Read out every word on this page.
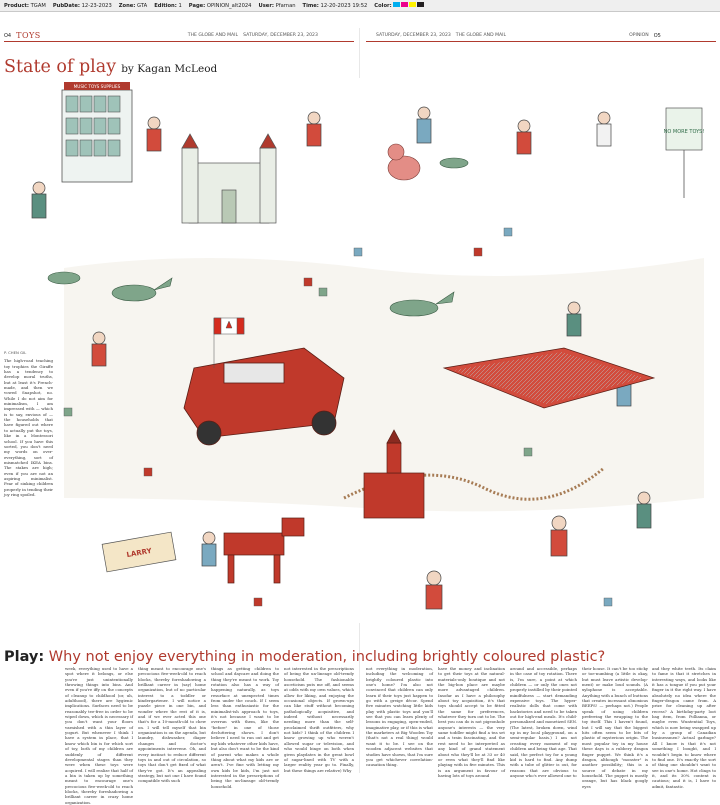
Product: TGAM PubDate: 12-23-2023 Zone: GTA Edition: 1 Page: OPINION_alt2024 User: Pfarnan Time: 12-20-2023 19:52 Color:
O4 TOYS	THE GLOBE AND MAIL SATURDAY, DECEMBER 23, 2023	SATURDAY, DECEMBER 23, 2023 THE GLOBE AND MAIL	OPINION O5
State of play by Kagan McLeod
MUSIC TOYS SUPPLIES
LARRY
NO MORE TOYS!
P. CHEN GIL

The high-road teaching toy trophies the Giraffe has a tendency to develop moral truths, but at least it's French-made, and then we vowed Snapshot, no. While I do not aim for minimalism, I am impressed with — which is to say, envious of — the households that have figured out where to actually put the toys, like in a Montessori school. If you have this sorted, you don't need my words on over-everything, sort of mismatched IKEA bins. The stakes are high; even if you are not an aspiring minimalist. Fear of sinking children properly in tending their joy ring spoiled.

Play: Why not enjoy everything in moderation, including brightly coloured plastic?

week, everything used to have a spot where it belongs, or else you're just unintentionally throwing things into bins. And even if you're iffy on the concepts of cleanup to childhood (or, uh, adulthood), there are hygienic implications. Surfaces need to be reasonably tee-free in order to be wiped down, which is necessary if you don't want your floors varnished with a thin layer of yogurt. But whenever I think I have a system in place, that I know which bin is for which sort of toy, both of my children are suddenly of different developmental stages than they were when these toys were acquired. I will realize that half of a bin is taken up by something meant to encourage one's precocious five-week-old to reach blocks, thereby foreshadowing a brilliant career in crazy home organization.

thing meant to encourage one's precocious five-week-old to reach blocks, thereby foreshadowing a brilliant career in (say) home organization, but of no particular interest to a toddler or kindergartener. I will notice a puzzle piece in one bin, and wonder where the rest of it is, and if we ever acted this one that's for a 10-month-old to chew on. I will tell myself that bin organization is on the agenda, but laundry, dishwasher, diaper changes and doctor's appointments intervene. Oh, and every instinct to reduce different toys in and out of circulation, so toys that don't get fixed of what they've got. It's an appealing strategy, but not one I have found compatible with such

things as getting children to school and daycare and doing the thing they're meant to work. Toy rotation also has a way of happening naturally, as toys resurface at unexpected times from under the couch. If I seem less than enthusiastic for the minimalist-ish approach to toys, it's not because I want to be overrun with them, like the "before" in one of those decluttering shows. I don't believe I need to run out and get my kids whatever other kids have, but also don't want to be the kind of parent who makes a whole thing about what my kids are or aren't. I've fine with letting my own kids be kids, I'm just not interested in the prescriptions of being the un-lineage old-trendy household.

not interested in the prescriptions of being the un-lineage old-trendy household. The fashionable asceticism puts me off, and seems at odds with my own values, which allow for liking, and enjoying the occasional objects. If grown-ups can like stuff without becoming pathologically acquisitive, and indeed without necessarily needing more than the self-proclaimed thrift outfitters, why not kids? I think of the children I know growing up who weren't allowed sugar or television, and who would binge on both when given playdates in the great bowl of sugar-lined with TV with a larger reality year go to. Finally, but these things are relative) Why

not everything in moderation, including the welcoming of brightly coloured plastic into one's home? I'm also not convinced that children can only learn if their toys just happen to go with a greige décor. Spend five minutes watching little kids play with plastic toys and you'll see that you can learn plenty of lessons in engaging, open-ended, imaginative play, or if this is what the marketers at Big Wooden Toy (that's not a real thing) would want it to be. I see on the wooden adjacent websites that studies have shown, that I'm sure you get whichever correlation-causation thing.

have the money and inclination to get their toys at the natural-materials-only boutique and not the big-box place are maybe more advantaged children. Insofar as I have a philosophy about toy acquisition, it's that toys should accept to be fitted the same for preferences, whatever they turn out to be. The best you can do is not pigeonhole anyone's interests — the very same toddler might find a tea set and a train fascinating, and the rest need to be interpreted as any kind of grand statement about who they'll be at 33 or 40 or even what they'll find like playing with in five minutes. This is an argument in favour of having lots of toys around

around and accessible, perhaps in the case of toy rotation. There is, I'm sure, a point at which children — or only the ones not properly instilled by their pointed mindfulness — start demanding expensive toys. The hyper-realistic dolls that come with backstories and need to be taken out for high-end meals. It's child-personalized and monetized SEN. (The latest, broken down, wind up in my local playground, on a semi-regular basis.) I am not creating every moment of my children and being that age. That said, the perfect toy for a young kid is hard to find. Any dump with a tube of glitter is out, for reasons that are obvious to anyone who's ever allowed one to

their house. It can't be too sticky or toe-numbing (a little is okay, but must leave artistic develop-ment) or make loud sounds. (A xylophone is acceptable. Anything with a bunch of buttons that creates incessant obnoxious BEEPS! — perhaps not.) People speak of using children preferring the wrapping to the toy itself. This I haven't found, but I will say that the biggest hits often seem to be bits of plastic of mysterious origin. The most popular toy in my house these days is a rubbery dragon finger puppet. We think it's a dragon, although "monster" is another possibility; this is a source of debate in my household. The puppet is mostly orange, but has black googly eyes

and they white teeth. Its claim to fame is that it stretches in interesting ways, and looks like it has a tongue if you put your finger in it the right way. I have absolutely no idea where the finger-dragon came from. A prize for cleaning up after recess? A birthday-party loot bag item, from Pollianna, or maybe even Wuntential Toys, which is now being swapped up by a group of Canadian businessmen? Actual garbage? All I know is that it's not something I bought, and I wouldn't begin to know where to find one. It's exactly the sort of thing one shouldn't want to see in one's home. Hot clings to it, and its 30% content is cautious; and it is, I have to admit, fantastic.
